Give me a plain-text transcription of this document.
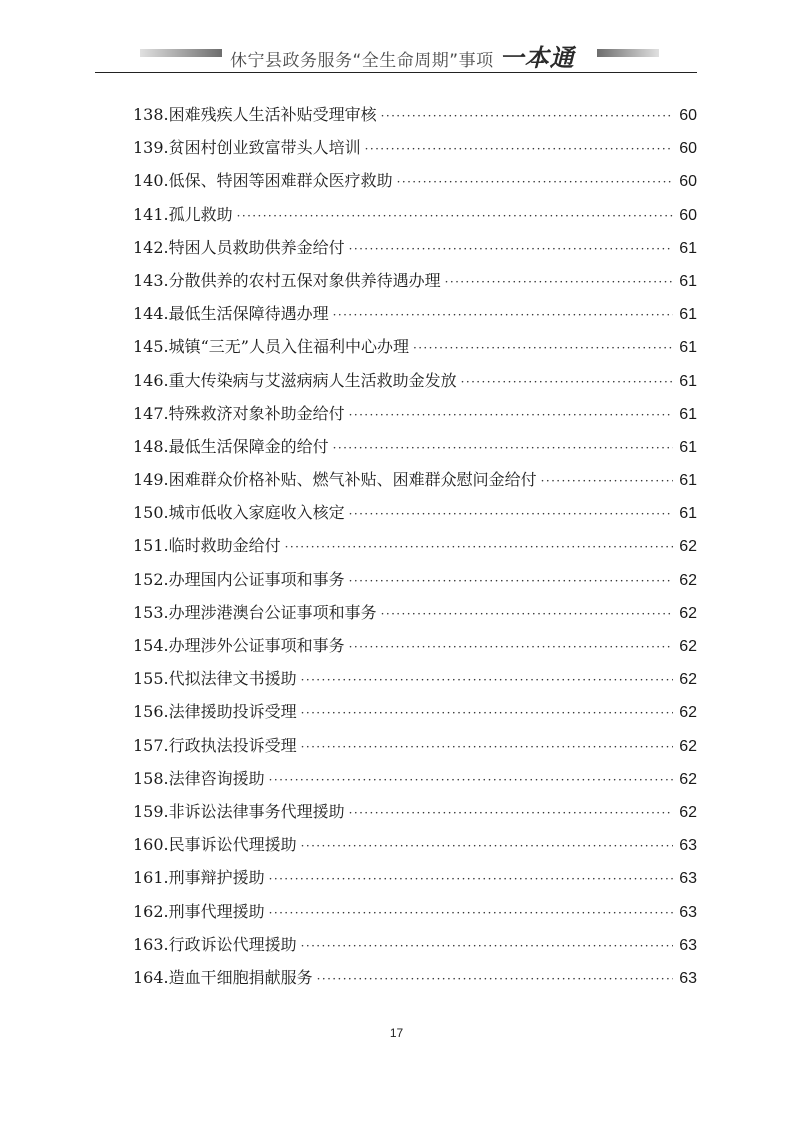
休宁县政务服务“全生命周期”事项 一本通
138.困难残疾人生活补贴受理审核 ·····	60
139.贫困村创业致富带头人培训 ·····	60
140.低保、特困等困难群众医疗救助 ·····	60
141.孤儿救助 ·····	60
142.特困人员救助供养金给付 ·····	61
143.分散供养的农村五保对象供养待遇办理 ·····	61
144.最低生活保障待遇办理 ·····	61
145.城镇“三无”人员入住福利中心办理 ·····	61
146.重大传染病与艾滋病病人生活救助金发放 ·····	61
147.特殊救济对象补助金给付 ·····	61
148.最低生活保障金的给付 ·····	61
149.困难群众价格补贴、燃气补贴、困难群众慰问金给付 ·····	61
150.城市低收入家庭收入核定 ·····	61
151.临时救助金给付 ·····	62
152.办理国内公证事项和事务 ·····	62
153.办理涉港澳台公证事项和事务 ·····	62
154.办理涉外公证事项和事务 ·····	62
155.代拟法律文书援助 ·····	62
156.法律援助投诉受理 ·····	62
157.行政执法投诉受理 ·····	62
158.法律咨询援助 ·····	62
159.非诉讼法律事务代理援助 ·····	62
160.民事诉讼代理援助 ·····	63
161.刑事辩护援助 ·····	63
162.刑事代理援助 ·····	63
163.行政诉讼代理援助 ·····	63
164.造血干细胞捐献服务 ·····	63
17
